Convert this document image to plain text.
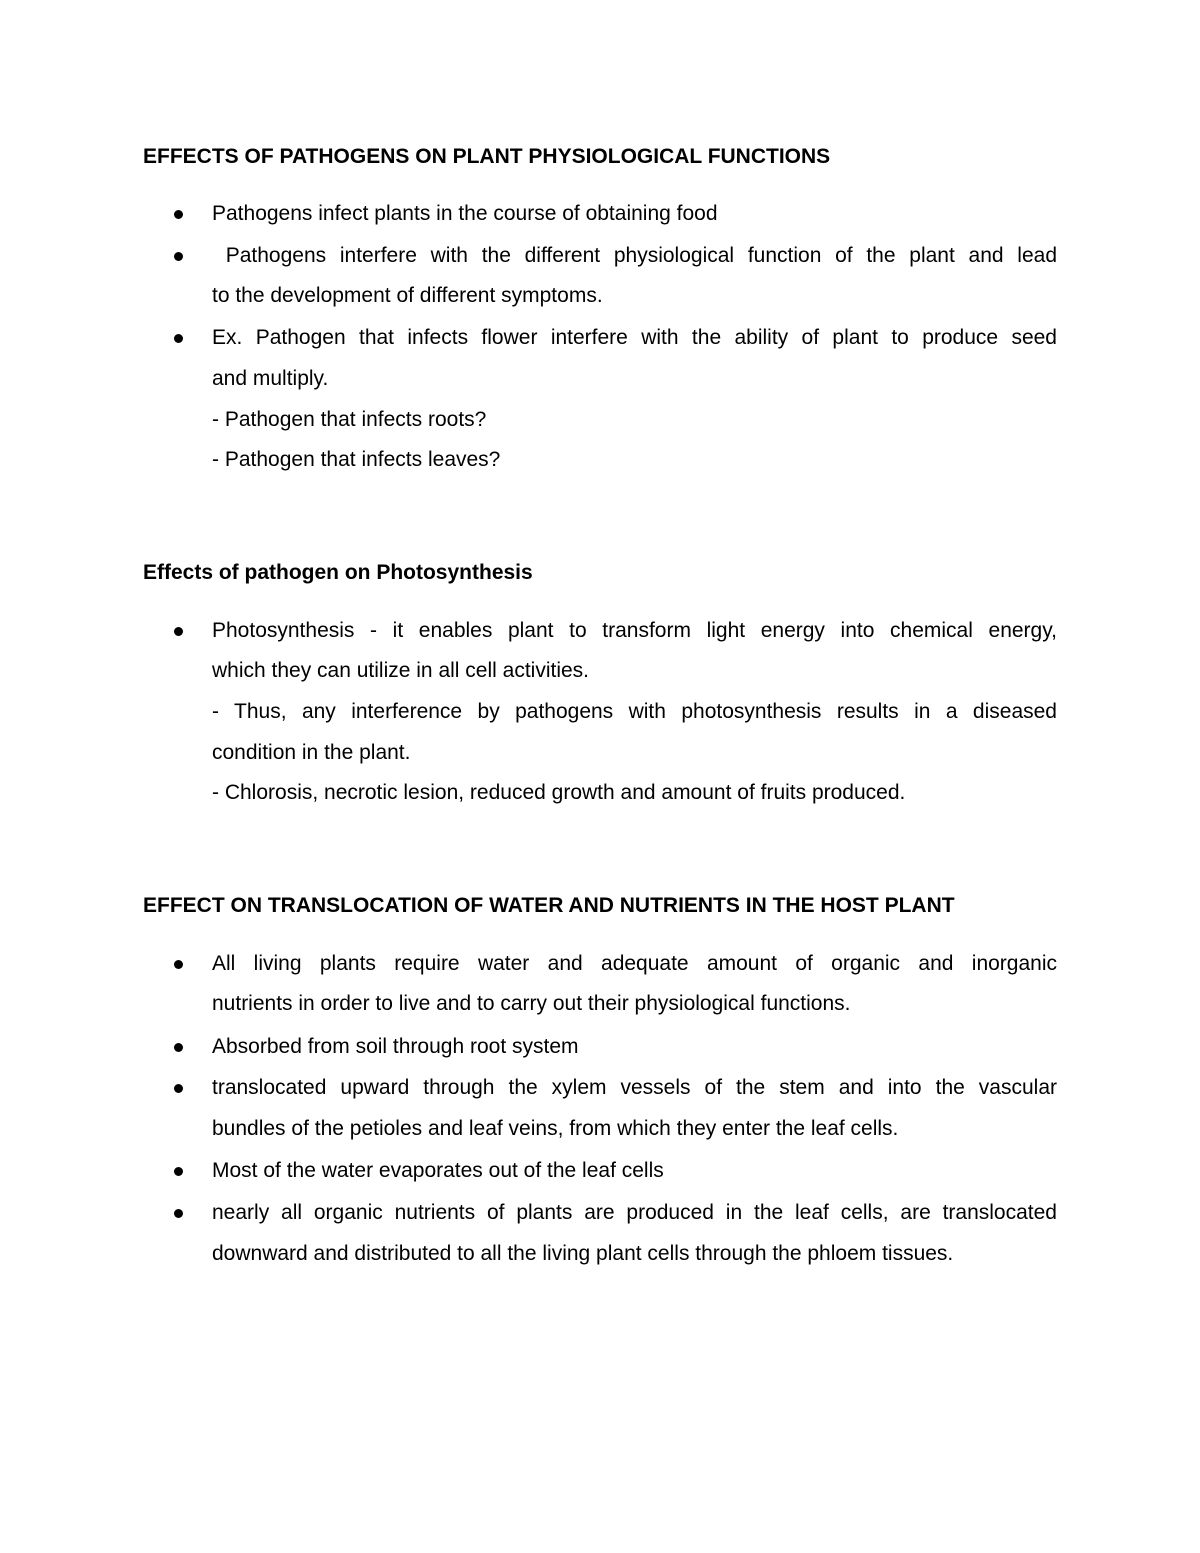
EFFECTS OF PATHOGENS ON PLANT PHYSIOLOGICAL FUNCTIONS
Pathogens infect plants in the course of obtaining food
Pathogens interfere with the different physiological function of the plant and lead
to the development of different symptoms.
Ex. Pathogen that infects flower interfere with the ability of plant to produce seed
and multiply.
- Pathogen that infects roots?
- Pathogen that infects leaves?
Effects of pathogen on Photosynthesis
Photosynthesis - it enables plant to transform light energy into chemical energy,
which they can utilize in all cell activities.
- Thus, any interference by pathogens with photosynthesis results in a diseased
condition in the plant.
- Chlorosis, necrotic lesion, reduced growth and amount of fruits produced.
EFFECT ON TRANSLOCATION OF WATER AND NUTRIENTS IN THE HOST PLANT
All living plants require water and adequate amount of organic and inorganic
nutrients in order to live and to carry out their physiological functions.
Absorbed from soil through root system
translocated upward through the xylem vessels of the stem and into the vascular
bundles of the petioles and leaf veins, from which they enter the leaf cells.
Most of the water evaporates out of the leaf cells
nearly all organic nutrients of plants are produced in the leaf cells, are translocated
downward and distributed to all the living plant cells through the phloem tissues.
